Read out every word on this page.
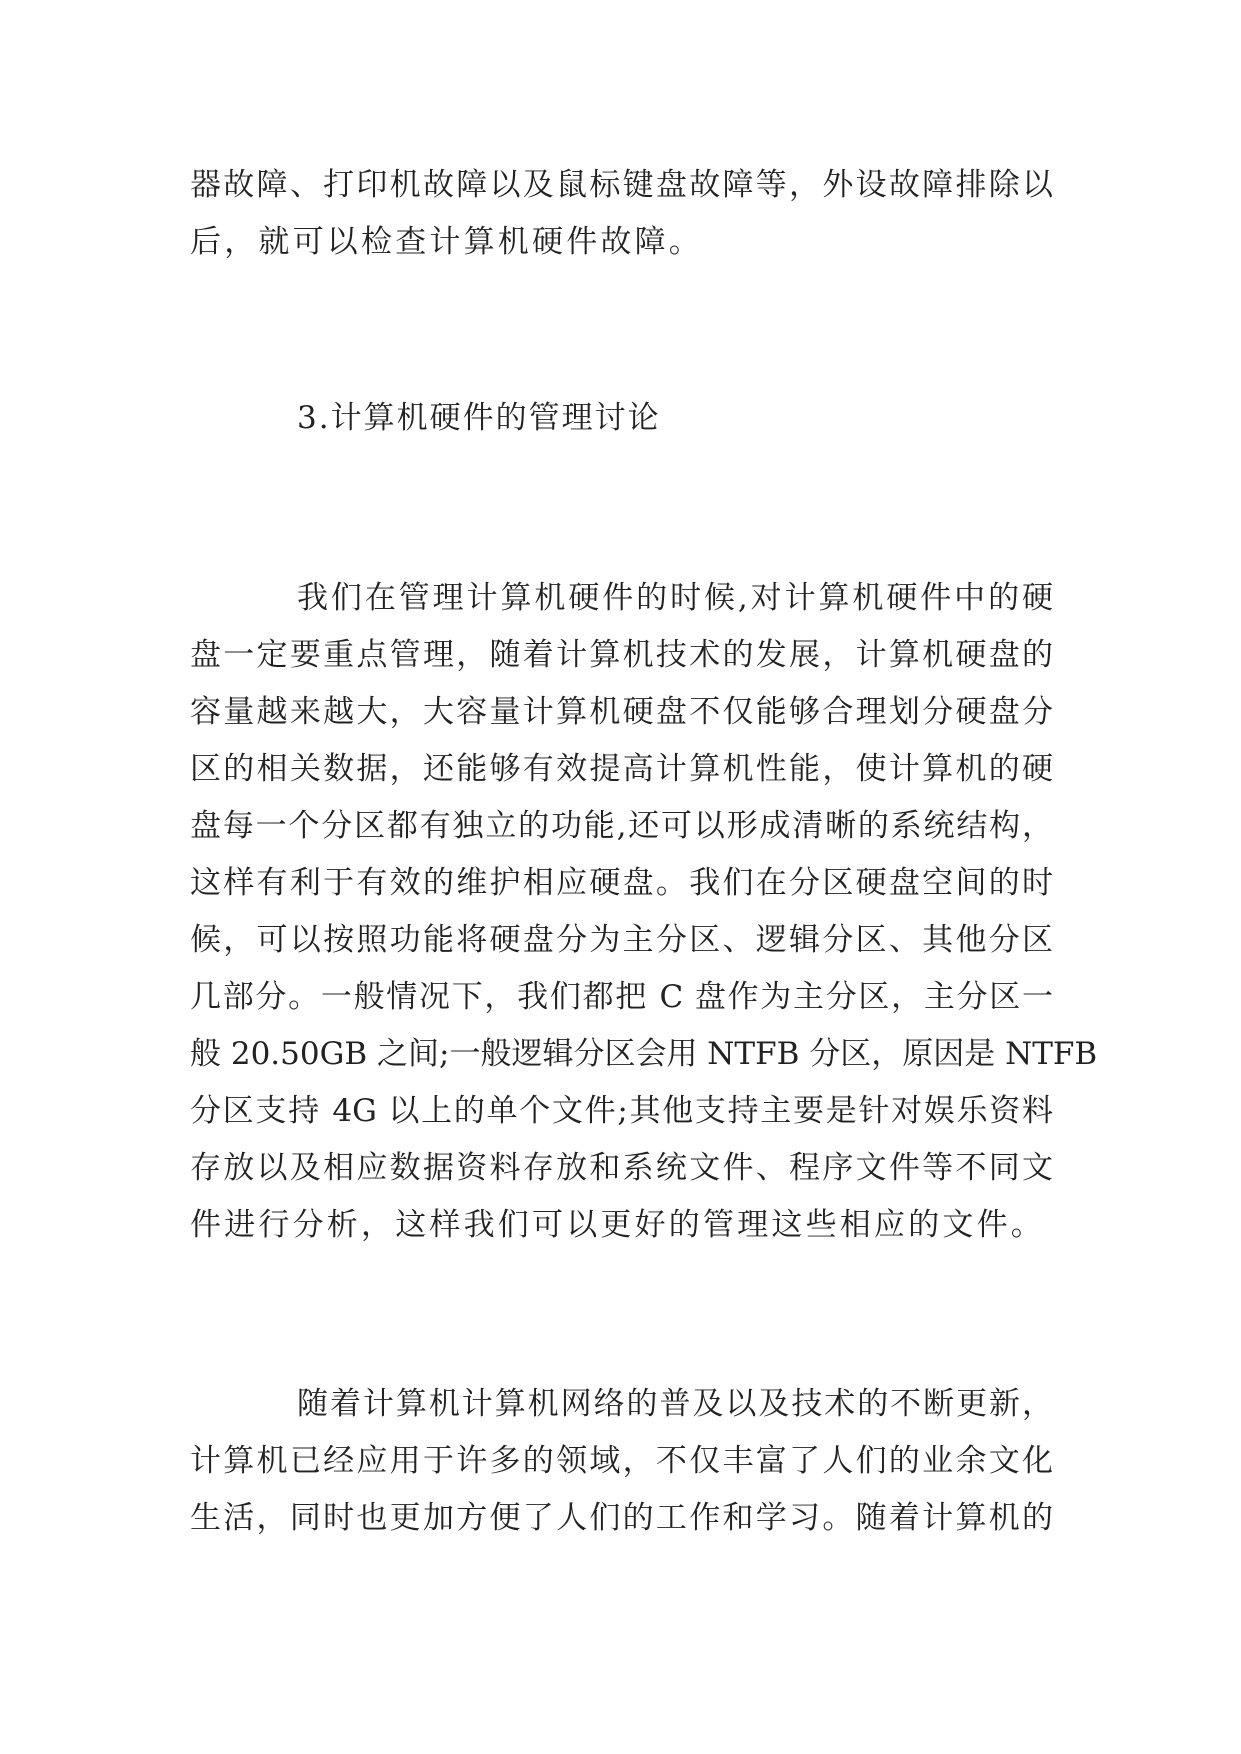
器故障、打印机故障以及鼠标键盘故障等，外设故障排除以
后，就可以检查计算机硬件故障。
3.计算机硬件的管理讨论
我们在管理计算机硬件的时候,对计算机硬件中的硬
盘一定要重点管理，随着计算机技术的发展，计算机硬盘的
容量越来越大，大容量计算机硬盘不仅能够合理划分硬盘分
区的相关数据，还能够有效提高计算机性能，使计算机的硬
盘每一个分区都有独立的功能,还可以形成清晰的系统结构，
这样有利于有效的维护相应硬盘。我们在分区硬盘空间的时
候，可以按照功能将硬盘分为主分区、逻辑分区、其他分区
几部分。一般情况下，我们都把 C 盘作为主分区，主分区一
般 20.50GB 之间;一般逻辑分区会用 NTFB 分区，原因是 NTFB
分区支持 4G 以上的单个文件;其他支持主要是针对娱乐资料
存放以及相应数据资料存放和系统文件、程序文件等不同文
件进行分析，这样我们可以更好的管理这些相应的文件。
随着计算机计算机网络的普及以及技术的不断更新，
计算机已经应用于许多的领域，不仅丰富了人们的业余文化
生活，同时也更加方便了人们的工作和学习。随着计算机的
